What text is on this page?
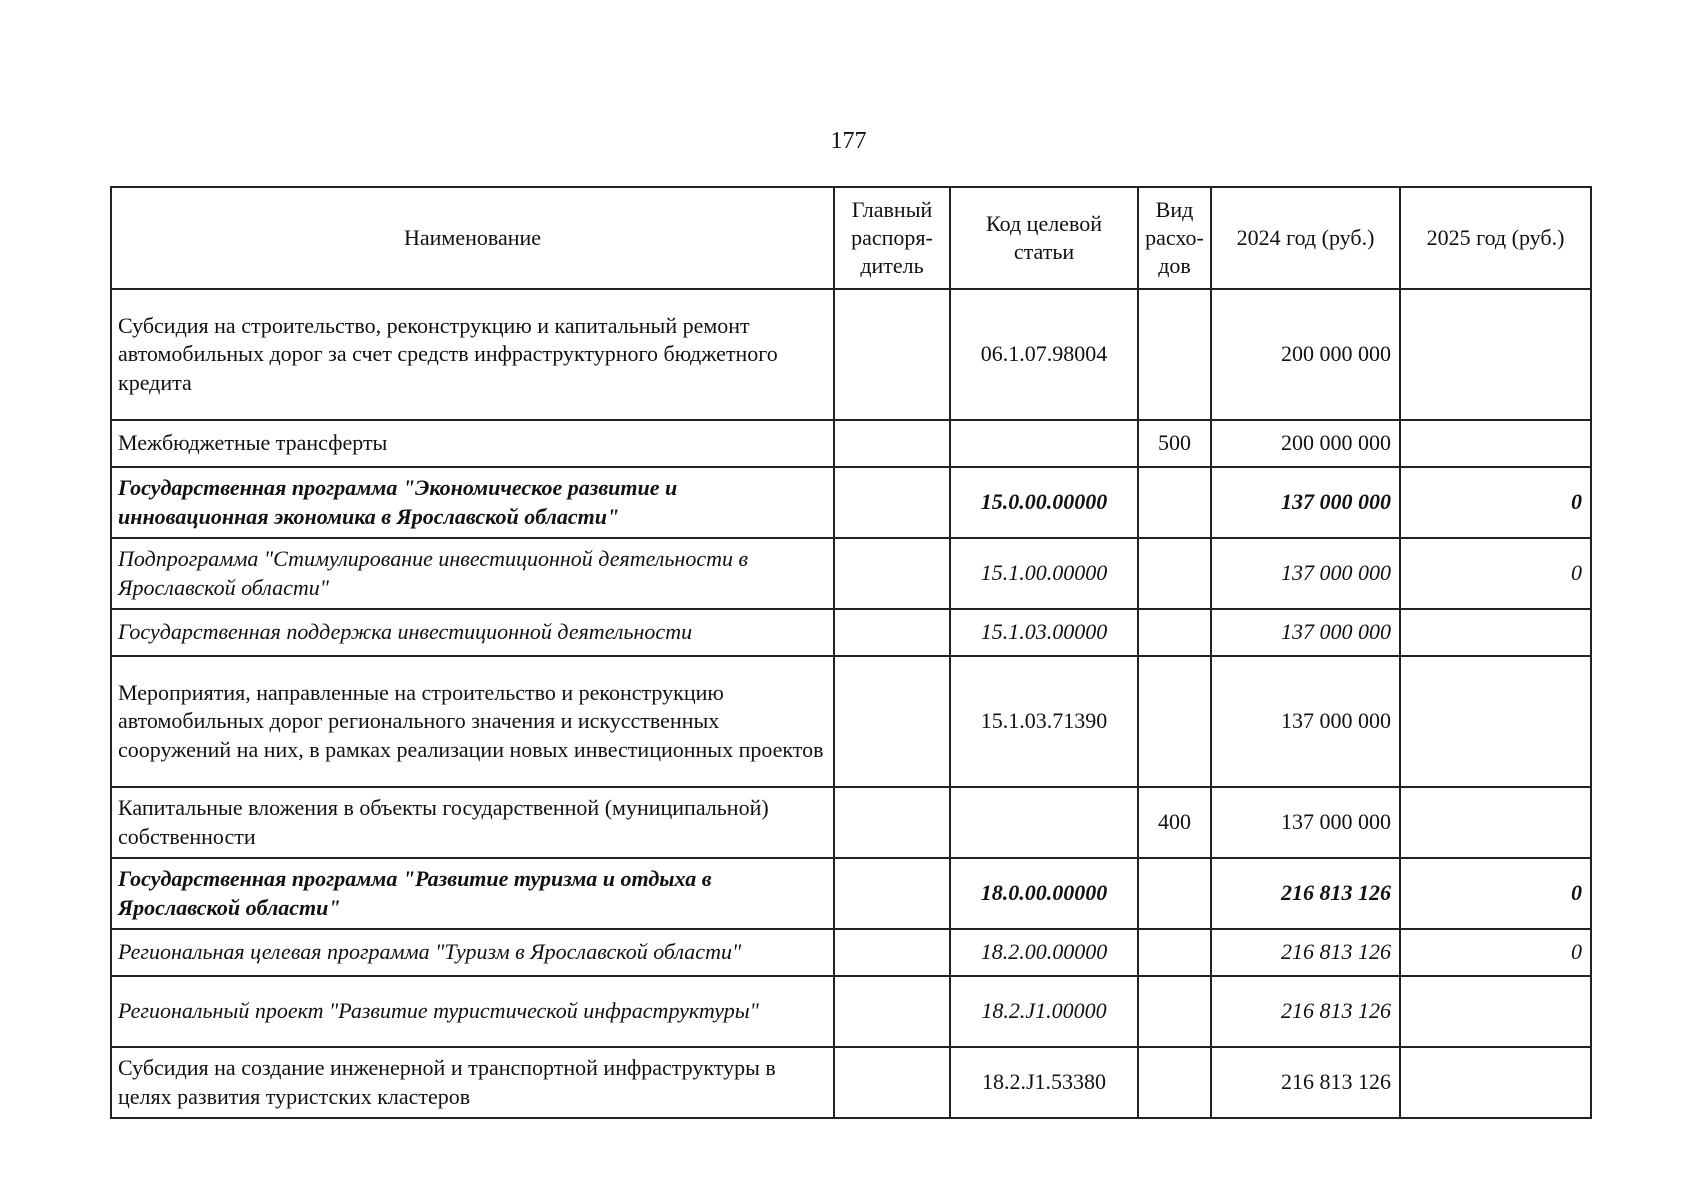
177
Наименование	Главный распоря-дитель	Код целевой статьи	Вид расхо-дов	2024 год (руб.)	2025 год (руб.)
Субсидия на строительство, реконструкцию и капитальный ремонт автомобильных дорог за счет средств инфраструктурного бюджетного кредита		06.1.07.98004		200 000 000	
Межбюджетные трансферты			500	200 000 000	
Государственная программа "Экономическое развитие и инновационная экономика в Ярославской области"		15.0.00.00000		137 000 000	0
Подпрограмма "Стимулирование инвестиционной деятельности в Ярославской области"		15.1.00.00000		137 000 000	0
Государственная поддержка инвестиционной деятельности		15.1.03.00000		137 000 000	
Мероприятия, направленные на строительство и реконструкцию автомобильных дорог регионального значения и искусственных сооружений на них, в рамках реализации новых инвестиционных проектов		15.1.03.71390		137 000 000	
Капитальные вложения в объекты государственной (муниципальной) собственности			400	137 000 000	
Государственная программа "Развитие туризма и отдыха в Ярославской области"		18.0.00.00000		216 813 126	0
Региональная целевая программа "Туризм в Ярославской области"		18.2.00.00000		216 813 126	0
Региональный проект "Развитие туристической инфраструктуры"		18.2.J1.00000		216 813 126	
Субсидия на создание инженерной и транспортной инфраструктуры в целях развития туристских кластеров		18.2.J1.53380		216 813 126	
